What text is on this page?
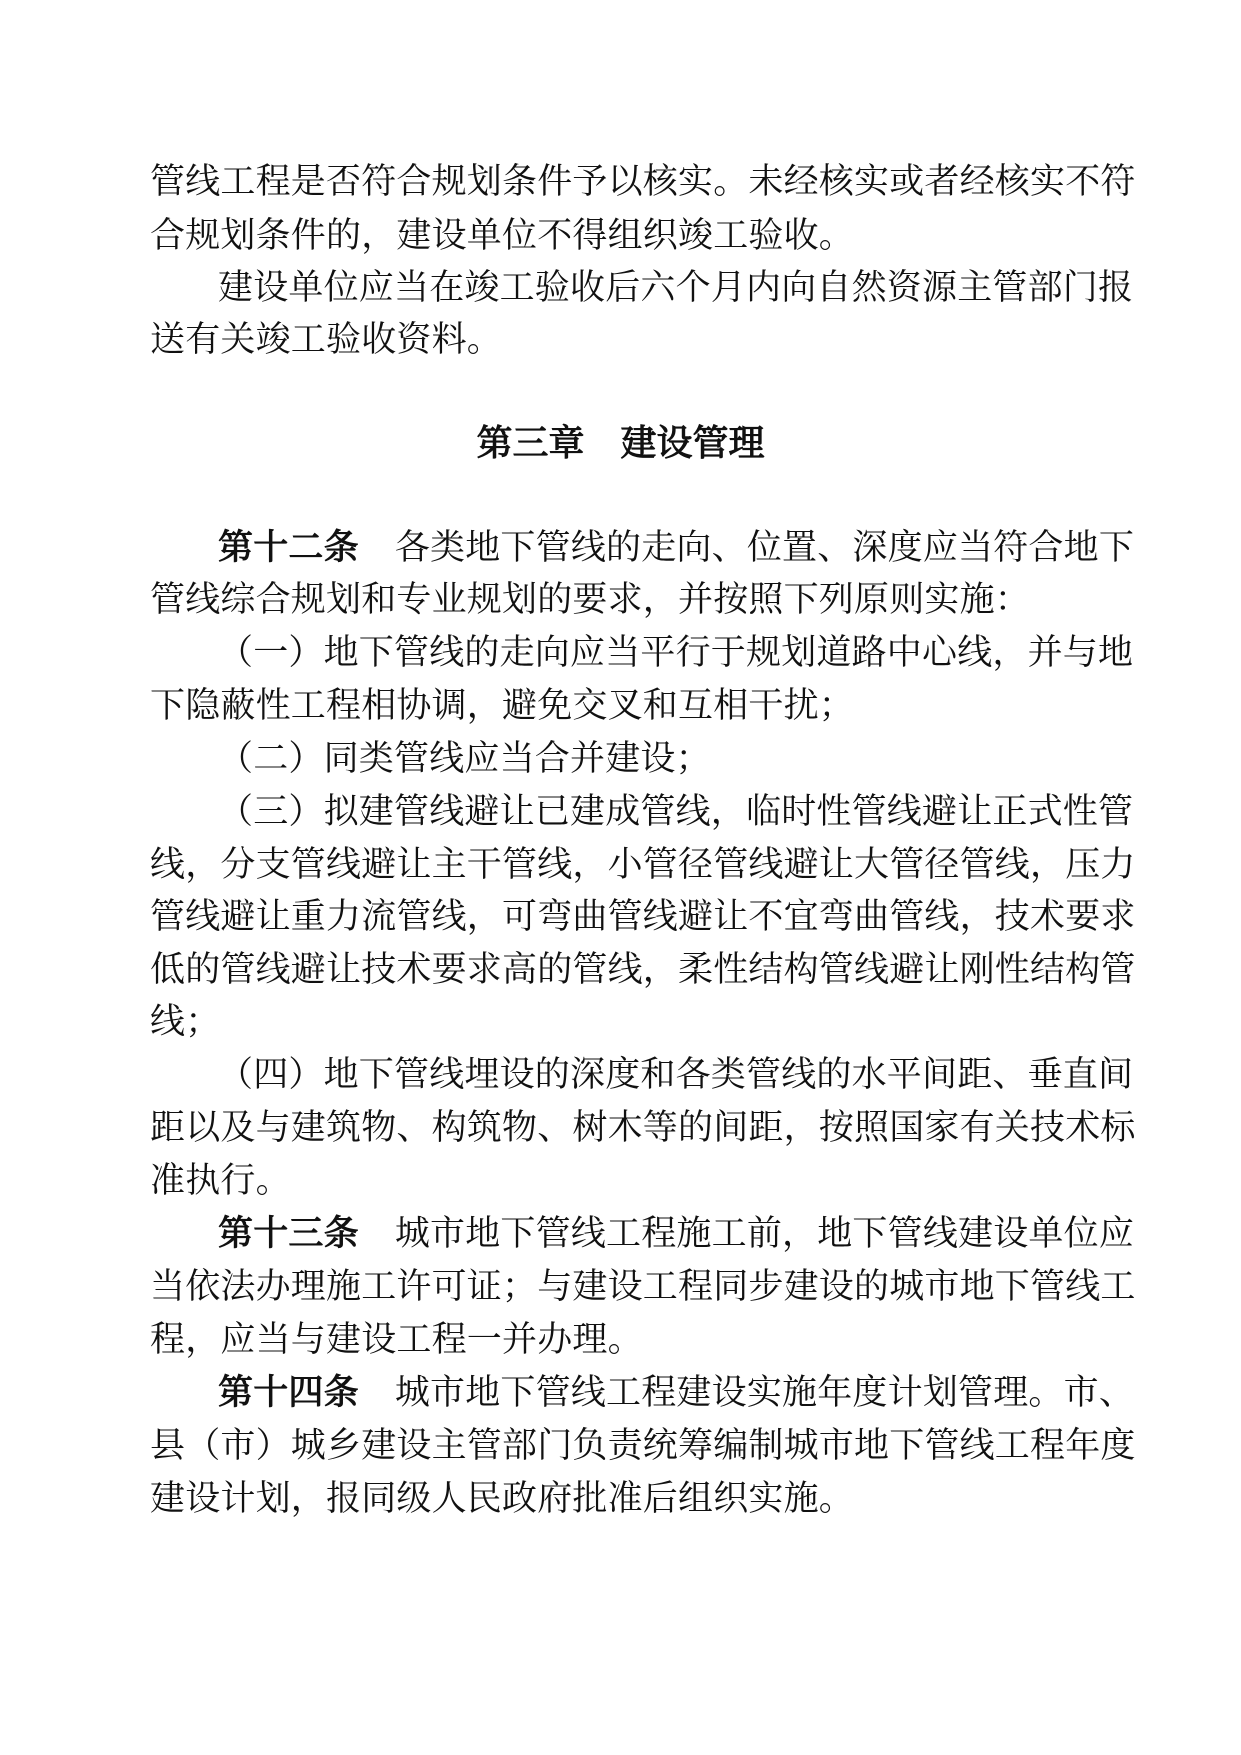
管线工程是否符合规划条件予以核实。未经核实或者经核实不符
合规划条件的，建设单位不得组织竣工验收。
建设单位应当在竣工验收后六个月内向自然资源主管部门报
送有关竣工验收资料。
第三章 建设管理
第十二条 各类地下管线的走向、位置、深度应当符合地下
管线综合规划和专业规划的要求，并按照下列原则实施：
（一）地下管线的走向应当平行于规划道路中心线，并与地
下隐蔽性工程相协调，避免交叉和互相干扰；
（二）同类管线应当合并建设；
（三）拟建管线避让已建成管线，临时性管线避让正式性管
线，分支管线避让主干管线，小管径管线避让大管径管线，压力
管线避让重力流管线，可弯曲管线避让不宜弯曲管线，技术要求
低的管线避让技术要求高的管线，柔性结构管线避让刚性结构管
线；
（四）地下管线埋设的深度和各类管线的水平间距、垂直间
距以及与建筑物、构筑物、树木等的间距，按照国家有关技术标
准执行。
第十三条 城市地下管线工程施工前，地下管线建设单位应
当依法办理施工许可证；与建设工程同步建设的城市地下管线工
程，应当与建设工程一并办理。
第十四条 城市地下管线工程建设实施年度计划管理。市、
县（市）城乡建设主管部门负责统筹编制城市地下管线工程年度
建设计划，报同级人民政府批准后组织实施。
